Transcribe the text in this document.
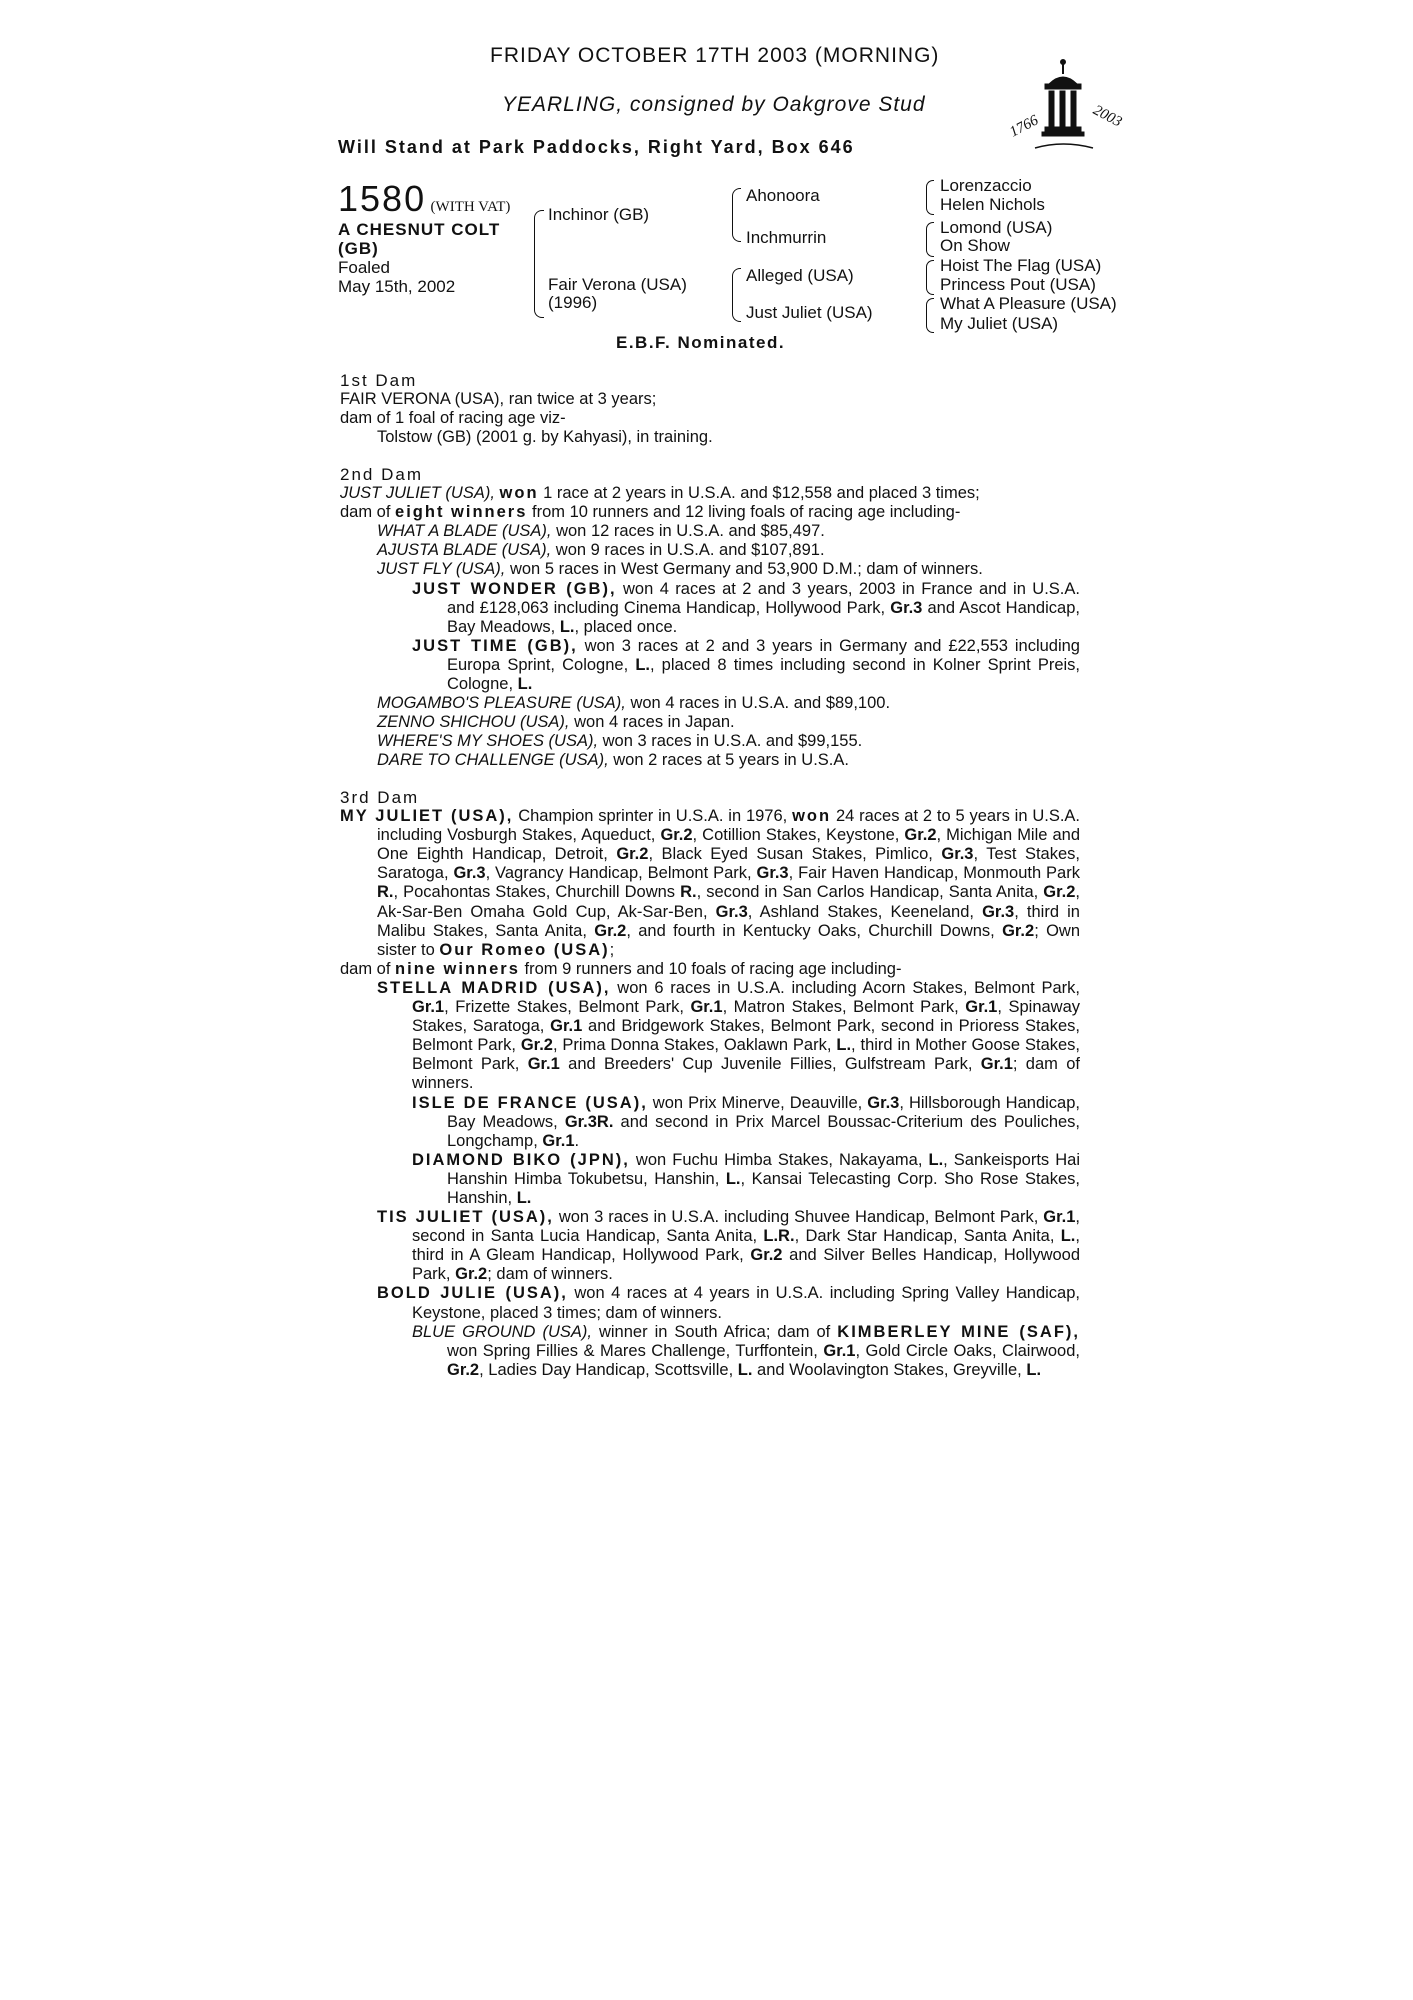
FRIDAY OCTOBER 17TH 2003 (MORNING)
YEARLING, consigned by Oakgrove Stud
Will Stand at Park Paddocks, Right Yard, Box 646
1766	2003
1580 (WITH VAT)
A CHESNUT COLT
(GB)
Foaled
May 15th, 2002
Inchinor (GB)
Fair Verona (USA)
(1996)
Ahonoora
Inchmurrin
Alleged (USA)
Just Juliet (USA)
Lorenzaccio
Helen Nichols
Lomond (USA)
On Show
Hoist The Flag (USA)
Princess Pout (USA)
What A Pleasure (USA)
My Juliet (USA)
E.B.F. Nominated.

1st Dam

FAIR VERONA (USA), ran twice at 3 years;

dam of 1 foal of racing age viz-

Tolstow (GB) (2001 g. by Kahyasi), in training.

2nd Dam

JUST JULIET (USA), won 1 race at 2 years in U.S.A. and $12,558 and placed 3 times;

dam of eight winners from 10 runners and 12 living foals of racing age including-

WHAT A BLADE (USA), won 12 races in U.S.A. and $85,497.

AJUSTA BLADE (USA), won 9 races in U.S.A. and $107,891.

JUST FLY (USA), won 5 races in West Germany and 53,900 D.M.; dam of winners.

JUST WONDER (GB), won 4 races at 2 and 3 years, 2003 in France and in U.S.A. and £128,063 including Cinema Handicap, Hollywood Park, Gr.3 and Ascot Handicap, Bay Meadows, L., placed once.

JUST TIME (GB), won 3 races at 2 and 3 years in Germany and £22,553 including Europa Sprint, Cologne, L., placed 8 times including second in Kolner Sprint Preis, Cologne, L.

MOGAMBO'S PLEASURE (USA), won 4 races in U.S.A. and $89,100.

ZENNO SHICHOU (USA), won 4 races in Japan.

WHERE'S MY SHOES (USA), won 3 races in U.S.A. and $99,155.

DARE TO CHALLENGE (USA), won 2 races at 5 years in U.S.A.

3rd Dam

MY JULIET (USA), Champion sprinter in U.S.A. in 1976, won 24 races at 2 to 5 years in U.S.A. including Vosburgh Stakes, Aqueduct, Gr.2, Cotillion Stakes, Keystone, Gr.2, Michigan Mile and One Eighth Handicap, Detroit, Gr.2, Black Eyed Susan Stakes, Pimlico, Gr.3, Test Stakes, Saratoga, Gr.3, Vagrancy Handicap, Belmont Park, Gr.3, Fair Haven Handicap, Monmouth Park R., Pocahontas Stakes, Churchill Downs R., second in San Carlos Handicap, Santa Anita, Gr.2, Ak-Sar-Ben Omaha Gold Cup, Ak-Sar-Ben, Gr.3, Ashland Stakes, Keeneland, Gr.3, third in Malibu Stakes, Santa Anita, Gr.2, and fourth in Kentucky Oaks, Churchill Downs, Gr.2; Own sister to Our Romeo (USA);

dam of nine winners from 9 runners and 10 foals of racing age including-

STELLA MADRID (USA), won 6 races in U.S.A. including Acorn Stakes, Belmont Park, Gr.1, Frizette Stakes, Belmont Park, Gr.1, Matron Stakes, Belmont Park, Gr.1, Spinaway Stakes, Saratoga, Gr.1 and Bridgework Stakes, Belmont Park, second in Prioress Stakes, Belmont Park, Gr.2, Prima Donna Stakes, Oaklawn Park, L., third in Mother Goose Stakes, Belmont Park, Gr.1 and Breeders' Cup Juvenile Fillies, Gulfstream Park, Gr.1; dam of winners.

ISLE DE FRANCE (USA), won Prix Minerve, Deauville, Gr.3, Hillsborough Handicap, Bay Meadows, Gr.3R. and second in Prix Marcel Boussac-Criterium des Pouliches, Longchamp, Gr.1.

DIAMOND BIKO (JPN), won Fuchu Himba Stakes, Nakayama, L., Sankeisports Hai Hanshin Himba Tokubetsu, Hanshin, L., Kansai Telecasting Corp. Sho Rose Stakes, Hanshin, L.

TIS JULIET (USA), won 3 races in U.S.A. including Shuvee Handicap, Belmont Park, Gr.1, second in Santa Lucia Handicap, Santa Anita, L.R., Dark Star Handicap, Santa Anita, L., third in A Gleam Handicap, Hollywood Park, Gr.2 and Silver Belles Handicap, Hollywood Park, Gr.2; dam of winners.

BOLD JULIE (USA), won 4 races at 4 years in U.S.A. including Spring Valley Handicap, Keystone, placed 3 times; dam of winners.

BLUE GROUND (USA), winner in South Africa; dam of KIMBERLEY MINE (SAF), won Spring Fillies & Mares Challenge, Turffontein, Gr.1, Gold Circle Oaks, Clairwood, Gr.2, Ladies Day Handicap, Scottsville, L. and Woolavington Stakes, Greyville, L.
